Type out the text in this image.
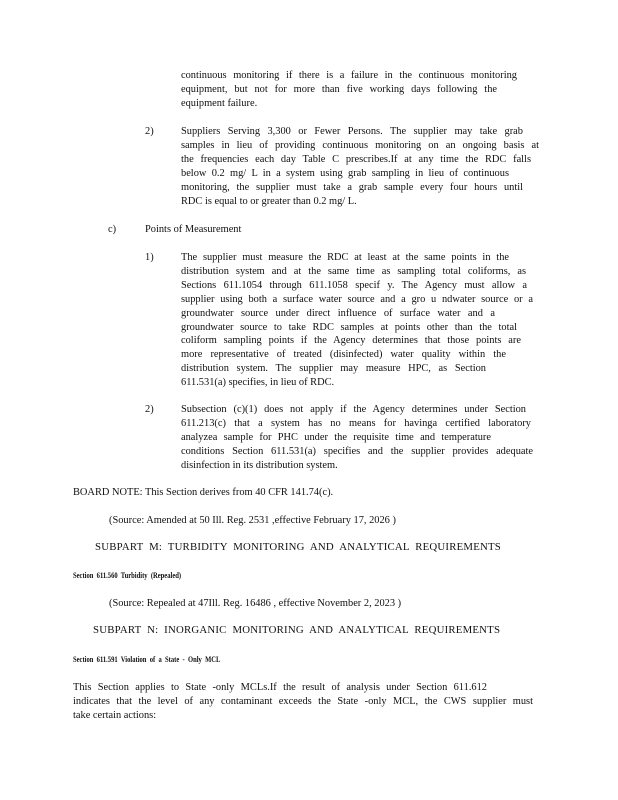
continuous monitoring if there is a failure in the continuous monitoring
equipment, but not for more than five working days following the
equipment failure.
2)	Suppliers Serving 3,300 or Fewer Persons. The supplier may take grab
samples in lieu of providing continuous monitoring on an ongoing basis at
the frequencies each day Table C prescribes.If at any time the RDC falls
below 0.2 mg/ L in a system using grab sampling in lieu of continuous
monitoring, the supplier must take a grab sample every four hours until
RDC is equal to or greater than 0.2 mg/ L.
c)	Points of Measurement
1)	The supplier must measure the RDC at least at the same points in the
distribution system and at the same time as sampling total coliforms, as
Sections 611.1054 through 611.1058 specif y. The Agency must allow a
supplier using both a surface water source and a gro u ndwater source or a
groundwater source under direct influence of surface water and a
groundwater source to take RDC samples at points other than the total
coliform sampling points if the Agency determines that those points are
more representative of treated (disinfected) water quality within the
distribution system. The supplier may measure HPC, as Section
611.531(a) specifies, in lieu of RDC.
2)	Subsection (c)(1) does not apply if the Agency determines under Section
611.213(c) that a system has no means for havinga certified laboratory
analyzea sample for PHC under the requisite time and temperature
conditions Section 611.531(a) specifies and the supplier provides adequate
disinfection in its distribution system.
BOARD NOTE: This Section derives from 40 CFR 141.74(c).
(Source: Amended at 50 Ill. Reg. 2531 ,effective February 17, 2026 )
SUBPART M: TURBIDITY MONITORING AND ANALYTICAL REQUIREMENTS
Section 611.560 Turbidity (Repealed)
(Source: Repealed at 47Ill. Reg. 16486 , effective November 2, 2023 )
SUBPART N: INORGANIC MONITORING AND ANALYTICAL REQUIREMENTS
Section 611.591 Violation of a State - Only MCL
This Section applies to State -only MCLs.If the result of analysis under Section 611.612
indicates that the level of any contaminant exceeds the State -only MCL, the CWS supplier must
take certain actions:
